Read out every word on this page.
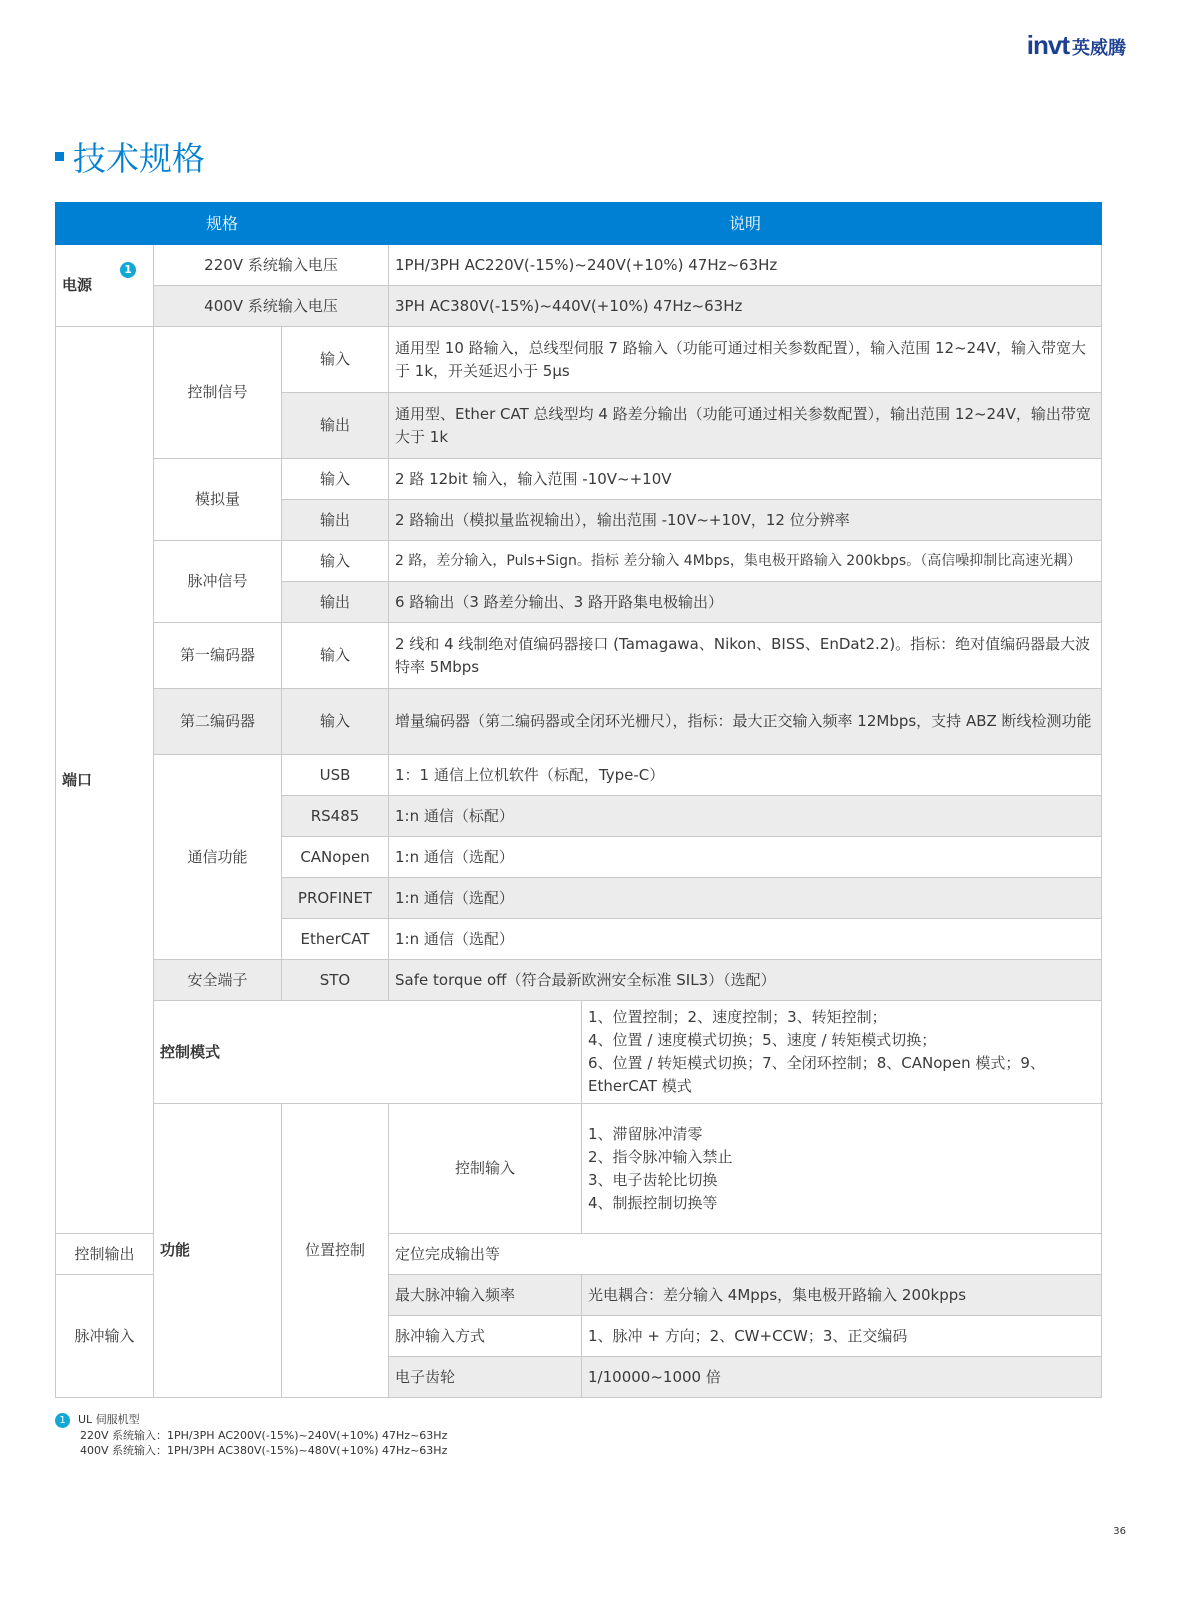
invt 英威腾
技术规格
规格			说明	
电源1	220V 系统输入电压		1PH/3PH AC220V(-15%)~240V(+10%) 47Hz~63Hz	
	400V 系统输入电压		3PH AC380V(-15%)~440V(+10%) 47Hz~63Hz	
端口	控制信号	输入	通用型 10 路输入，总线型伺服 7 路输入（功能可通过相关参数配置），输入范围 12~24V，输入带宽大于 1k，开关延迟小于 5μs	
		输出	通用型、Ether CAT 总线型均 4 路差分输出（功能可通过相关参数配置），输出范围 12~24V，输出带宽大于 1k	
	模拟量	输入	2 路 12bit 输入，输入范围 -10V~+10V	
		输出	2 路输出（模拟量监视输出），输出范围 -10V~+10V，12 位分辨率	
	脉冲信号	输入	2 路，差分输入，Puls+Sign。指标 差分输入 4Mbps，集电极开路输入 200kbps。（高信噪抑制比高速光耦）	
		输出	6 路输出（3 路差分输出、3 路开路集电极输出）	
	第一编码器	输入	2 线和 4 线制绝对值编码器接口 (Tamagawa、Nikon、BISS、EnDat2.2)。指标：绝对值编码器最大波特率 5Mbps	
	第二编码器	输入	增量编码器（第二编码器或全闭环光栅尺），指标：最大正交输入频率 12Mbps，支持 ABZ 断线检测功能	
	通信功能	USB	1：1 通信上位机软件（标配，Type-C）	
		RS485	1:n 通信（标配）	
		CANopen	1:n 通信（选配）	
		PROFINET	1:n 通信（选配）	
		EtherCAT	1:n 通信（选配）	
	安全端子	STO	Safe torque off（符合最新欧洲安全标准 SIL3）（选配）	
	控制模式			1、位置控制；2、速度控制；3、转矩控制；
4、位置 / 速度模式切换；5、速度 / 转矩模式切换；
6、位置 / 转矩模式切换；7、全闭环控制；8、CANopen 模式；9、EtherCAT 模式

	功能	位置控制	控制输入	1、滞留脉冲清零
2、指令脉冲输入禁止
3、电子齿轮比切换
4、制振控制切换等

控制输出			定位完成输出等	
脉冲输入			最大脉冲输入频率	光电耦合：差分输入 4Mpps，集电极开路输入 200kpps
			脉冲输入方式	1、脉冲 + 方向；2、CW+CCW；3、正交编码
			电子齿轮	1/10000~1000 倍
1 UL 伺服机型
220V 系统输入：1PH/3PH AC200V(-15%)~240V(+10%) 47Hz~63Hz
400V 系统输入：1PH/3PH AC380V(-15%)~480V(+10%) 47Hz~63Hz
36
